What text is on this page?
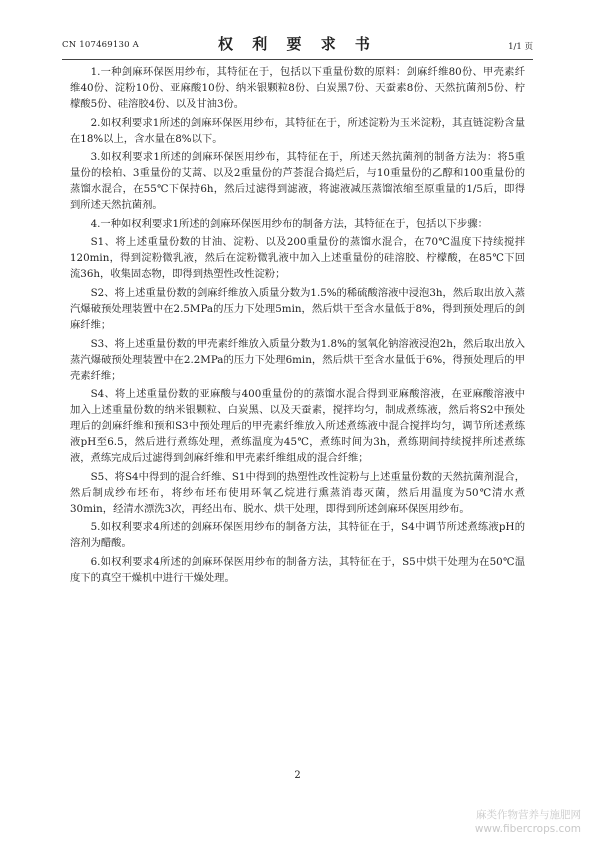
CN 107469130 A	权 利 要 求 书	1/1 页

1.一种剑麻环保医用纱布，其特征在于，包括以下重量份数的原料：剑麻纤维80份、甲壳素纤维40份、淀粉10份、亚麻酸10份、纳米银颗粒8份、白炭黑7份、天蚕素8份、天然抗菌剂5份、柠檬酸5份、硅溶胶4份、以及甘油3份。

2.如权利要求1所述的剑麻环保医用纱布，其特征在于，所述淀粉为玉米淀粉，其直链淀粉含量在18%以上，含水量在8%以下。

3.如权利要求1所述的剑麻环保医用纱布，其特征在于，所述天然抗菌剂的制备方法为：将5重量份的桧柏、3重量份的艾蒿、以及2重量份的芦荟混合捣烂后，与10重量份的乙醇和100重量份的蒸馏水混合，在55℃下保持6h，然后过滤得到滤液，将滤液减压蒸馏浓缩至原重量的1/5后，即得到所述天然抗菌剂。

4.一种如权利要求1所述的剑麻环保医用纱布的制备方法，其特征在于，包括以下步骤：

S1、将上述重量份数的甘油、淀粉、以及200重量份的蒸馏水混合，在70℃温度下持续搅拌120min，得到淀粉微乳液，然后在淀粉微乳液中加入上述重量份的硅溶胶、柠檬酸，在85℃下回流36h，收集固态物，即得到热塑性改性淀粉；

S2、将上述重量份数的剑麻纤维放入质量分数为1.5%的稀硫酸溶液中浸泡3h，然后取出放入蒸汽爆破预处理装置中在2.5MPa的压力下处理5min，然后烘干至含水量低于8%，得到预处理后的剑麻纤维；

S3、将上述重量份数的甲壳素纤维放入质量分数为1.8%的氢氧化钠溶液浸泡2h，然后取出放入蒸汽爆破预处理装置中在2.2MPa的压力下处理6min，然后烘干至含水量低于6%，得预处理后的甲壳素纤维；

S4、将上述重量份数的亚麻酸与400重量份的的蒸馏水混合得到亚麻酸溶液，在亚麻酸溶液中加入上述重量份数的纳米银颗粒、白炭黑、以及天蚕素，搅拌均匀，制成煮练液，然后将S2中预处理后的剑麻纤维和预和S3中预处理后的甲壳素纤维放入所述煮练液中混合搅拌均匀，调节所述煮练液pH至6.5，然后进行煮练处理，煮练温度为45℃，煮练时间为3h，煮练期间持续搅拌所述煮练液，煮练完成后过滤得到剑麻纤维和甲壳素纤维组成的混合纤维；

S5、将S4中得到的混合纤维、S1中得到的热塑性改性淀粉与上述重量份数的天然抗菌剂混合，然后制成纱布坯布，将纱布坯布使用环氧乙烷进行熏蒸消毒灭菌，然后用温度为50℃清水煮30min，经清水漂洗3次，再经出布、脱水、烘干处理，即得到所述剑麻环保医用纱布。

5.如权利要求4所述的剑麻环保医用纱布的制备方法，其特征在于，S4中调节所述煮练液pH的溶剂为醋酸。

6.如权利要求4所述的剑麻环保医用纱布的制备方法，其特征在于，S5中烘干处理为在50℃温度下的真空干燥机中进行干燥处理。

2
麻类作物营养与施肥网
www.fibercrops.com
